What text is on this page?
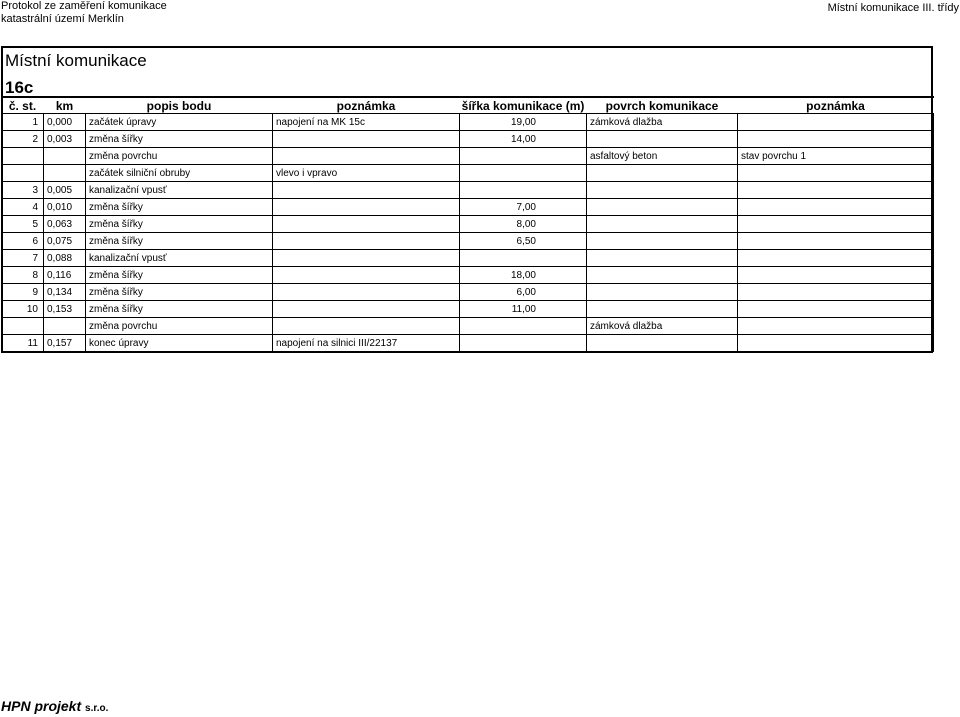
Protokol ze zaměření komunikace
katastrální území Merklín
Místní komunikace III. třídy
Místní komunikace
16c
č. st.	km	popis bodu	poznámka	šířka komunikace (m)	povrch komunikace	poznámka
1	0,000	začátek úpravy	napojení na MK 15c	19,00	zámková dlažba	
2	0,003	změna šířky		14,00		
		změna povrchu			asfaltový beton	stav povrchu 1
		začátek silniční obruby	vlevo i vpravo			
3	0,005	kanalizační vpusť				
4	0,010	změna šířky		7,00		
5	0,063	změna šířky		8,00		
6	0,075	změna šířky		6,50		
7	0,088	kanalizační vpusť				
8	0,116	změna šířky		18,00		
9	0,134	změna šířky		6,00		
10	0,153	změna šířky		11,00		
		změna povrchu			zámková dlažba	
11	0,157	konec úpravy	napojení na silnici III/22137			
HPN projekt s.r.o.
